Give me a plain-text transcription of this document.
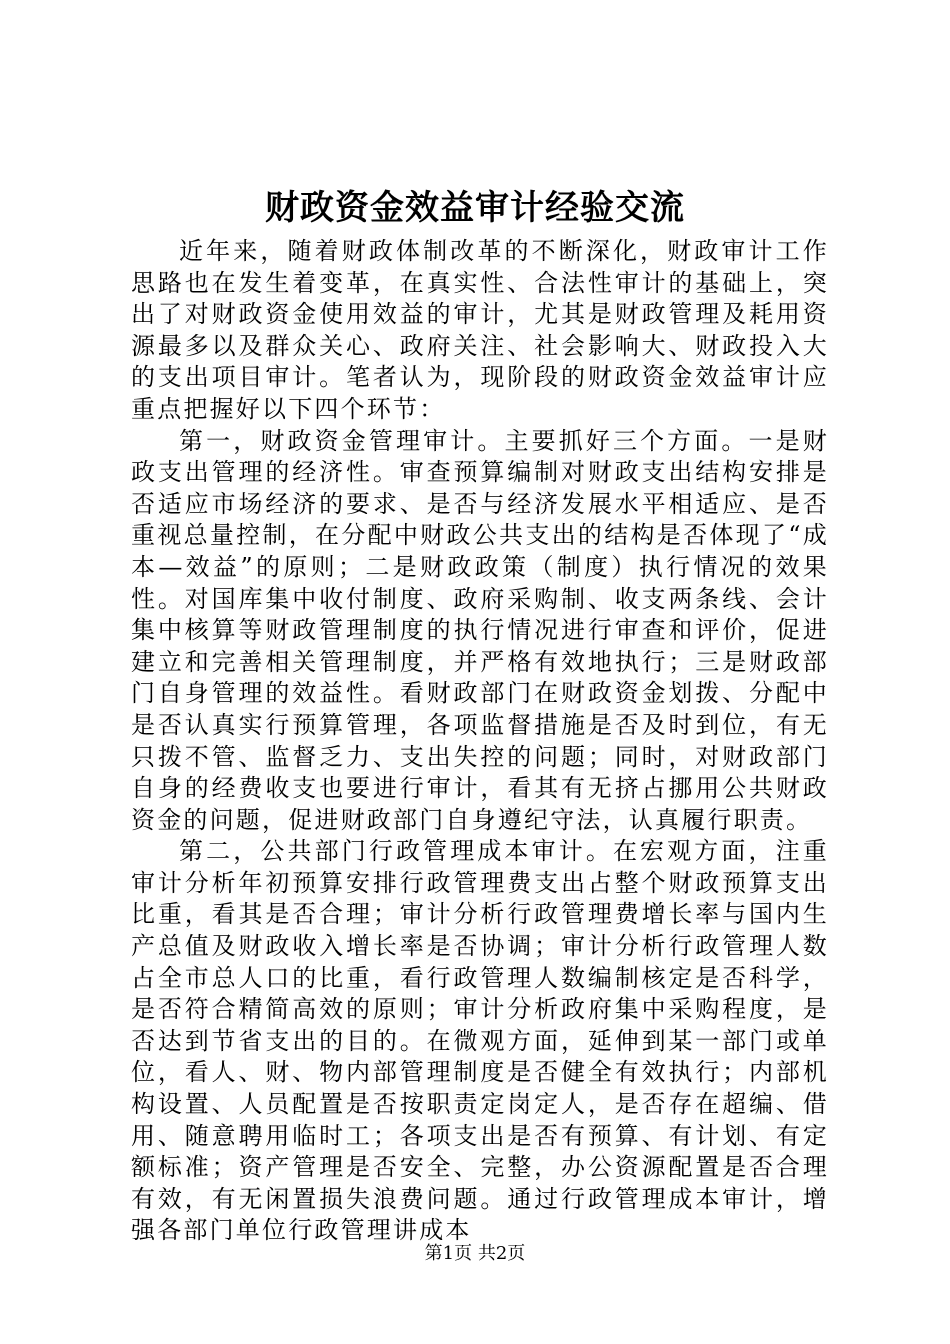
财政资金效益审计经验交流

近年来，随着财政体制改革的不断深化，财政审计工作思路也在发生着变革，在真实性、合法性审计的基础上，突出了对财政资金使用效益的审计，尤其是财政管理及耗用资源最多以及群众关心、政府关注、社会影响大、财政投入大的支出项目审计。笔者认为，现阶段的财政资金效益审计应重点把握好以下四个环节：

第一，财政资金管理审计。主要抓好三个方面。一是财政支出管理的经济性。审查预算编制对财政支出结构安排是否适应市场经济的要求、是否与经济发展水平相适应、是否重视总量控制，在分配中财政公共支出的结构是否体现了“成本—效益”的原则；二是财政政策（制度）执行情况的效果性。对国库集中收付制度、政府采购制、收支两条线、会计集中核算等财政管理制度的执行情况进行审查和评价，促进建立和完善相关管理制度，并严格有效地执行；三是财政部门自身管理的效益性。看财政部门在财政资金划拨、分配中是否认真实行预算管理，各项监督措施是否及时到位，有无只拨不管、监督乏力、支出失控的问题；同时，对财政部门自身的经费收支也要进行审计，看其有无挤占挪用公共财政资金的问题，促进财政部门自身遵纪守法，认真履行职责。

第二，公共部门行政管理成本审计。在宏观方面，注重审计分析年初预算安排行政管理费支出占整个财政预算支出比重，看其是否合理；审计分析行政管理费增长率与国内生产总值及财政收入增长率是否协调；审计分析行政管理人数占全市总人口的比重，看行政管理人数编制核定是否科学，是否符合精简高效的原则；审计分析政府集中采购程度，是否达到节省支出的目的。在微观方面，延伸到某一部门或单位，看人、财、物内部管理制度是否健全有效执行；内部机构设置、人员配置是否按职责定岗定人，是否存在超编、借用、随意聘用临时工；各项支出是否有预算、有计划、有定额标准；资产管理是否安全、完整，办公资源配置是否合理有效，有无闲置损失浪费问题。通过行政管理成本审计，增强各部门单位行政管理讲成本

第1页 共2页
